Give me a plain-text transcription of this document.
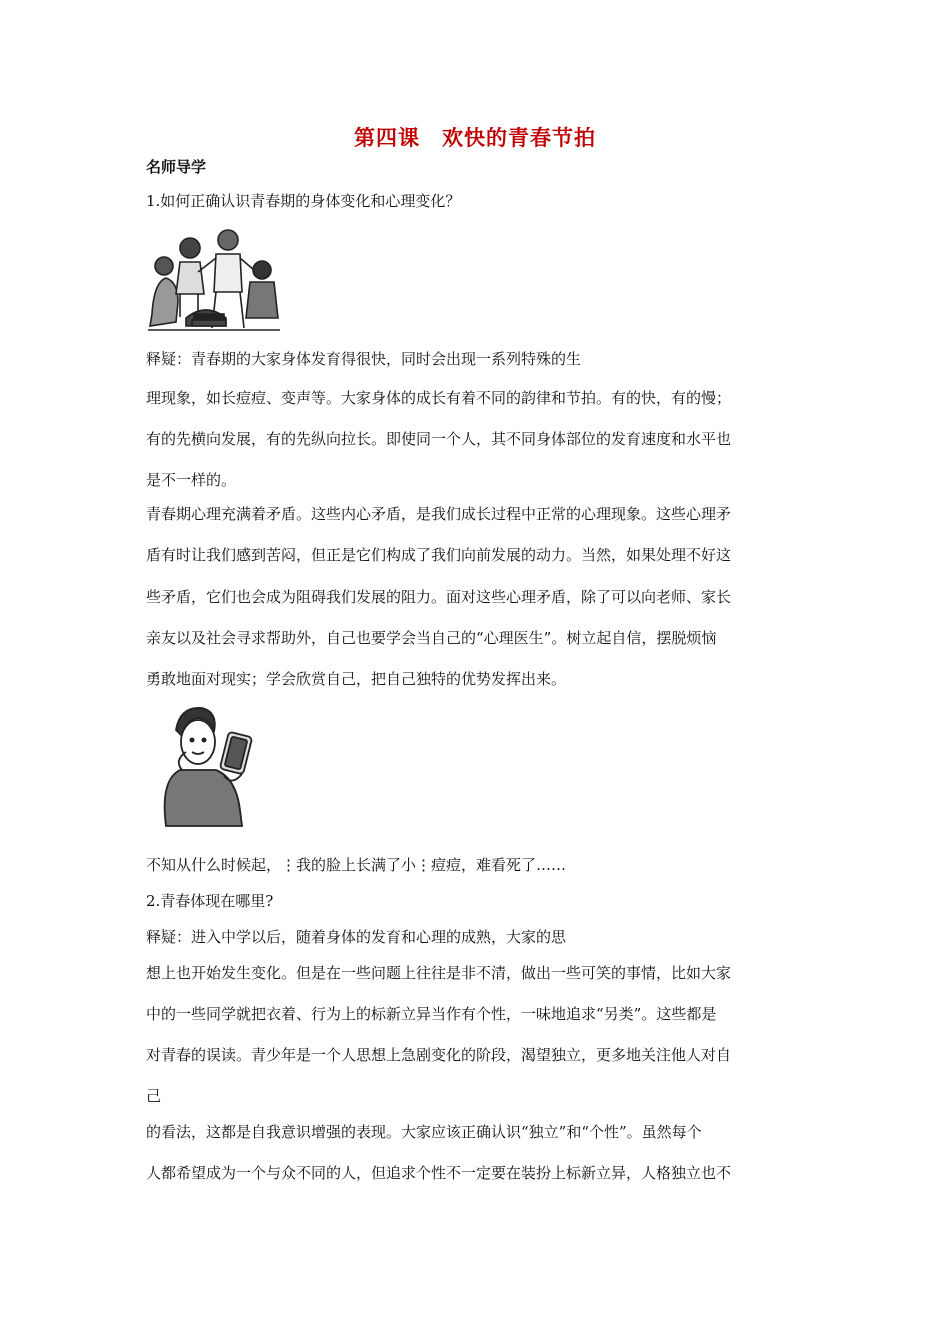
第四课　欢快的青春节拍
名师导学
1.如何正确认识青春期的身体变化和心理变化？
释疑：青春期的大家身体发育得很快，同时会出现一系列特殊的生
理现象，如长痘痘、变声等。大家身体的成长有着不同的韵律和节拍。有的快，有的慢；
有的先横向发展，有的先纵向拉长。即使同一个人，其不同身体部位的发育速度和水平也
是不一样的。
青春期心理充满着矛盾。这些内心矛盾，是我们成长过程中正常的心理现象。这些心理矛
盾有时让我们感到苦闷，但正是它们构成了我们向前发展的动力。当然，如果处理不好这
些矛盾，它们也会成为阻碍我们发展的阻力。面对这些心理矛盾，除了可以向老师、家长
亲友以及社会寻求帮助外，自己也要学会当自己的“心理医生”。树立起自信，摆脱烦恼
勇敢地面对现实；学会欣赏自己，把自己独特的优势发挥出来。
不知从什么时候起，⋮我的脸上长满了小⋮痘痘，难看死了……
2.青春体现在哪里?
释疑：进入中学以后，随着身体的发育和心理的成熟，大家的思
想上也开始发生变化。但是在一些问题上往往是非不清，做出一些可笑的事情，比如大家
中的一些同学就把衣着、行为上的标新立异当作有个性，一味地追求“另类”。这些都是
对青春的误读。青少年是一个人思想上急剧变化的阶段，渴望独立，更多地关注他人对自
己
的看法，这都是自我意识增强的表现。大家应该正确认识“独立”和“个性”。虽然每个
人都希望成为一个与众不同的人，但追求个性不一定要在装扮上标新立异，人格独立也不
